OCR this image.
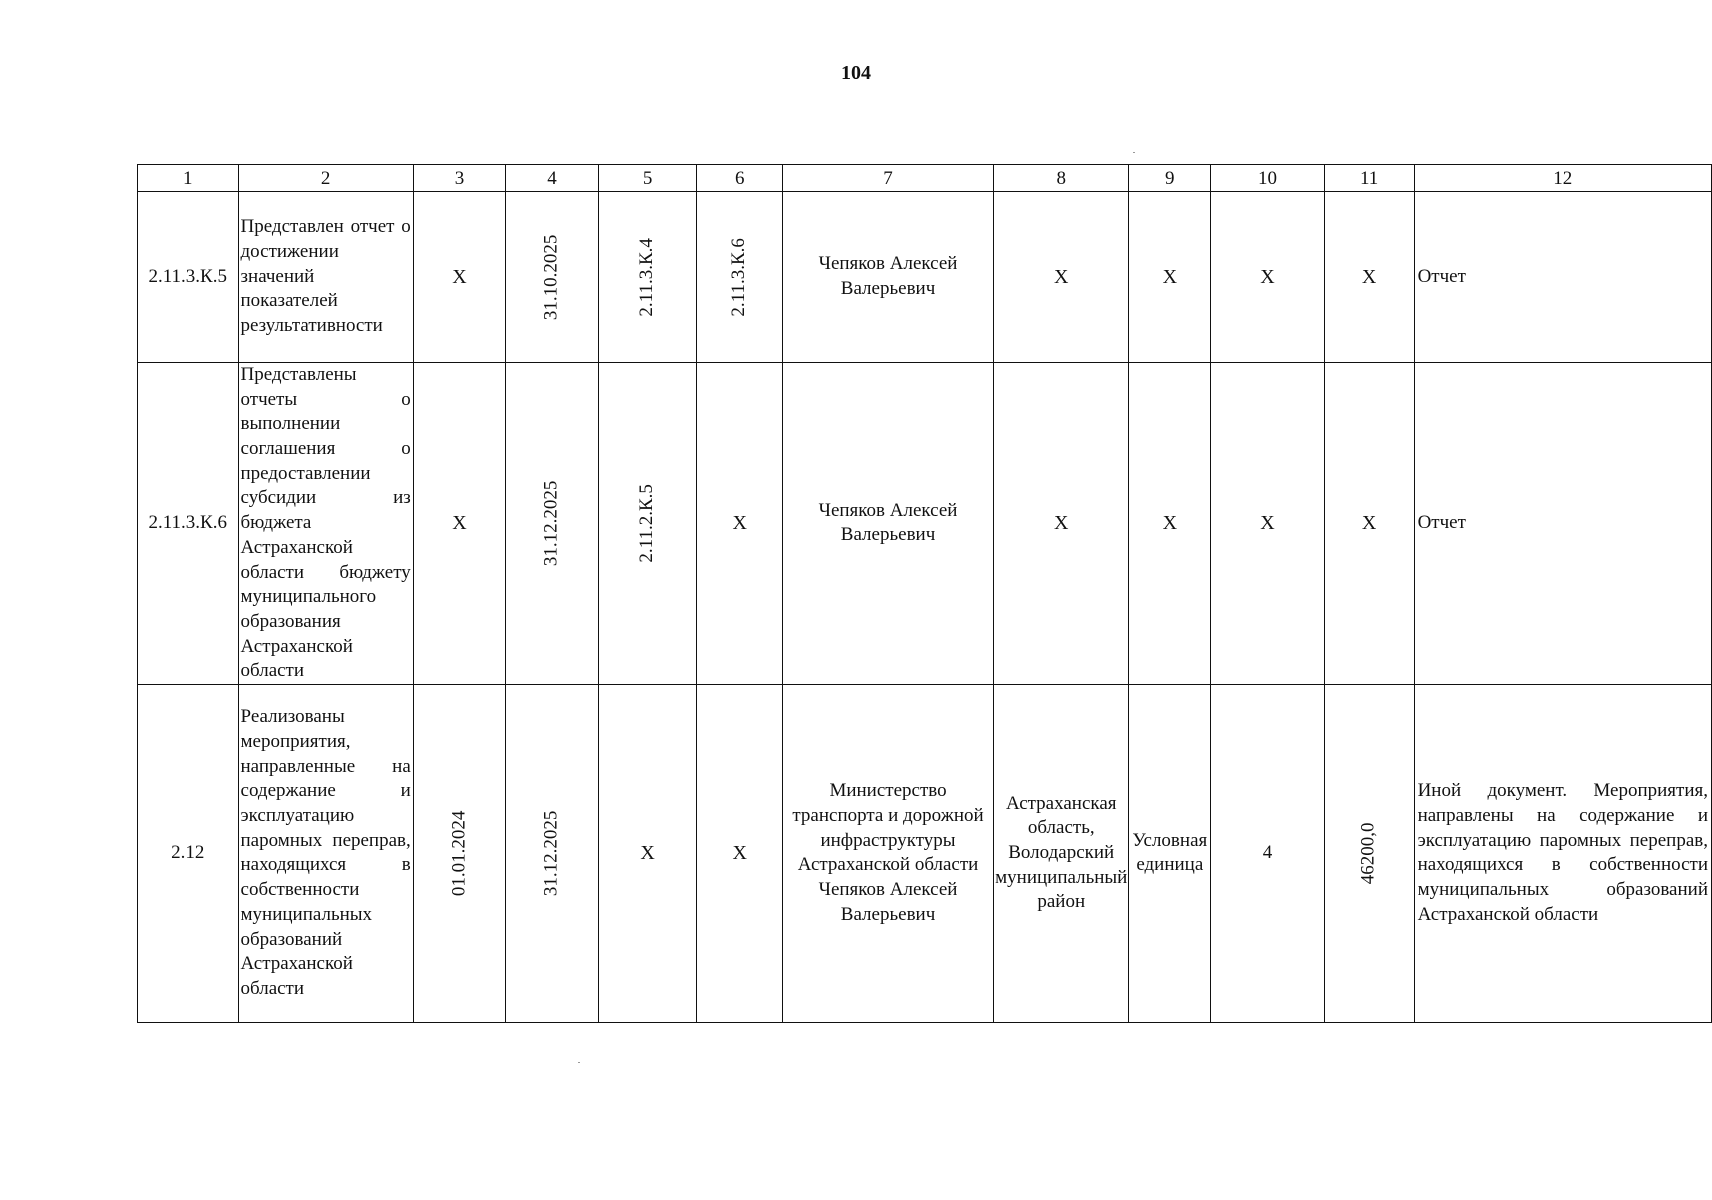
104
1	2	3	4	5	6	7	8	9	10	11	12
2.11.3.К.5	Представлен отчет о достижении значений показателей результативности	X	31.10.2025	2.11.3.К.4	2.11.3.К.6	Чепяков Алексей Валерьевич	X	X	X	X	Отчет
2.11.3.К.6	Представлены отчеты о выполнении соглашения о предоставлении субсидии из бюджета Астраханской области бюджету муниципального образования Астраханской области	X	31.12.2025	2.11.2.К.5	X	Чепяков Алексей Валерьевич	X	X	X	X	Отчет
2.12	Реализованы мероприятия, направленные на содержание и эксплуатацию паромных переправ, находящихся в собственности муниципальных образований Астраханской области	01.01.2024	31.12.2025	X	X	Министерство транспорта и дорожной инфраструктуры Астраханской области Чепяков Алексей Валерьевич	Астраханская область, Володарский муниципальный район	Условная единица	4	46200,0	Иной документ. Мероприятия, направлены на содержание и эксплуатацию паромных переправ, находящихся в собственности муниципальных образований Астраханской области
